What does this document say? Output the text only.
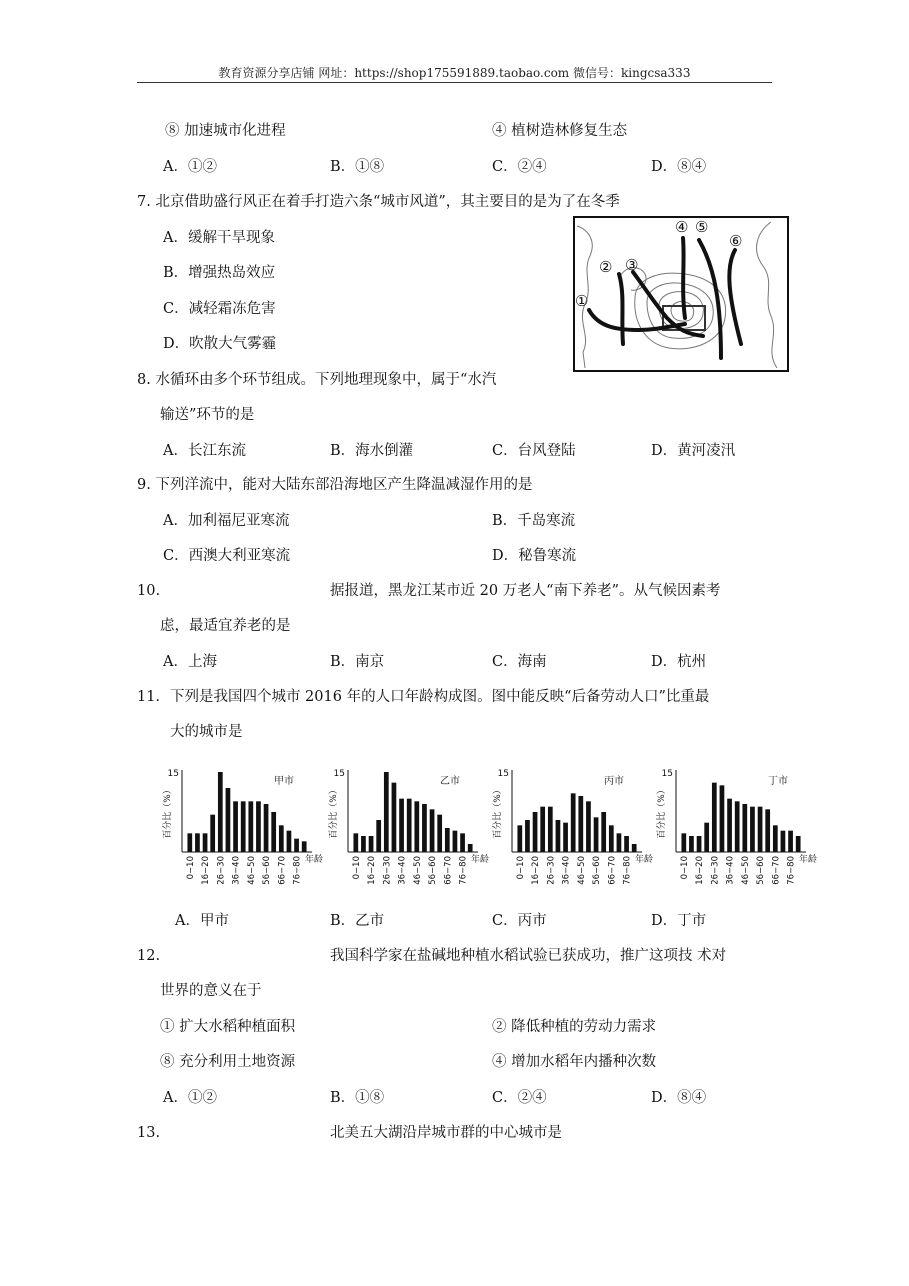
教育资源分享店铺 网址：https://shop175591889.taobao.com 微信号：kingcsa333
⑧ 加速城市化进程	④ 植树造林修复生态
A．①②	B．①⑧	C．②④	D．⑧④
7. 北京借助盛行风正在着手打造六条“城市风道”，其主要目的是为了在冬季
A．缓解干旱现象
B．增强热岛效应
C．减轻霜冻危害
D．吹散大气雾霾
①
② ③
④ ⑤
⑥
8. 水循环由多个环节组成。下列地理现象中，属于“水汽
输送”环节的是
A．长江东流	B．海水倒灌	C．台风登陆	D．黄河凌汛
9. 下列洋流中，能对大陆东部沿海地区产生降温减湿作用的是
A．加利福尼亚寒流	B．千岛寒流
C．西澳大利亚寒流	D．秘鲁寒流
10.	据报道，黑龙江某市近 20 万老人“南下养老”。从气候因素考
虑，最适宜养老的是
A．上海	B．南京	C．海南	D．杭州
11．下列是我国四个城市 2016 年的人口年龄构成图。图中能反映“后备劳动人口”比重最
大的城市是
15
百分比（%）
0−10 16−20 26−30 36−40 46−50 56−60 66−70 76−80 年龄
甲市
15
百分比（%）
0−10 16−20 26−30 36−40 46−50 56−60 66−70 76−80 年龄
乙市
15
百分比（%）
0−10 16−20 26−30 36−40 46−50 56−60 66−70 76−80 年龄
丙市
15
百分比（%）
0−10 16−20 26−30 36−40 46−50 56−60 66−70 76−80 年龄
丁市
A．甲市	B．乙市	C．丙市	D．丁市
12.	我国科学家在盐碱地种植水稻试验已获成功，推广这项技 术对
世界的意义在于
① 扩大水稻种植面积	② 降低种植的劳动力需求
⑧ 充分利用土地资源	④ 增加水稻年内播种次数
A．①②	B．①⑧	C．②④	D．⑧④
13.	北美五大湖沿岸城市群的中心城市是
